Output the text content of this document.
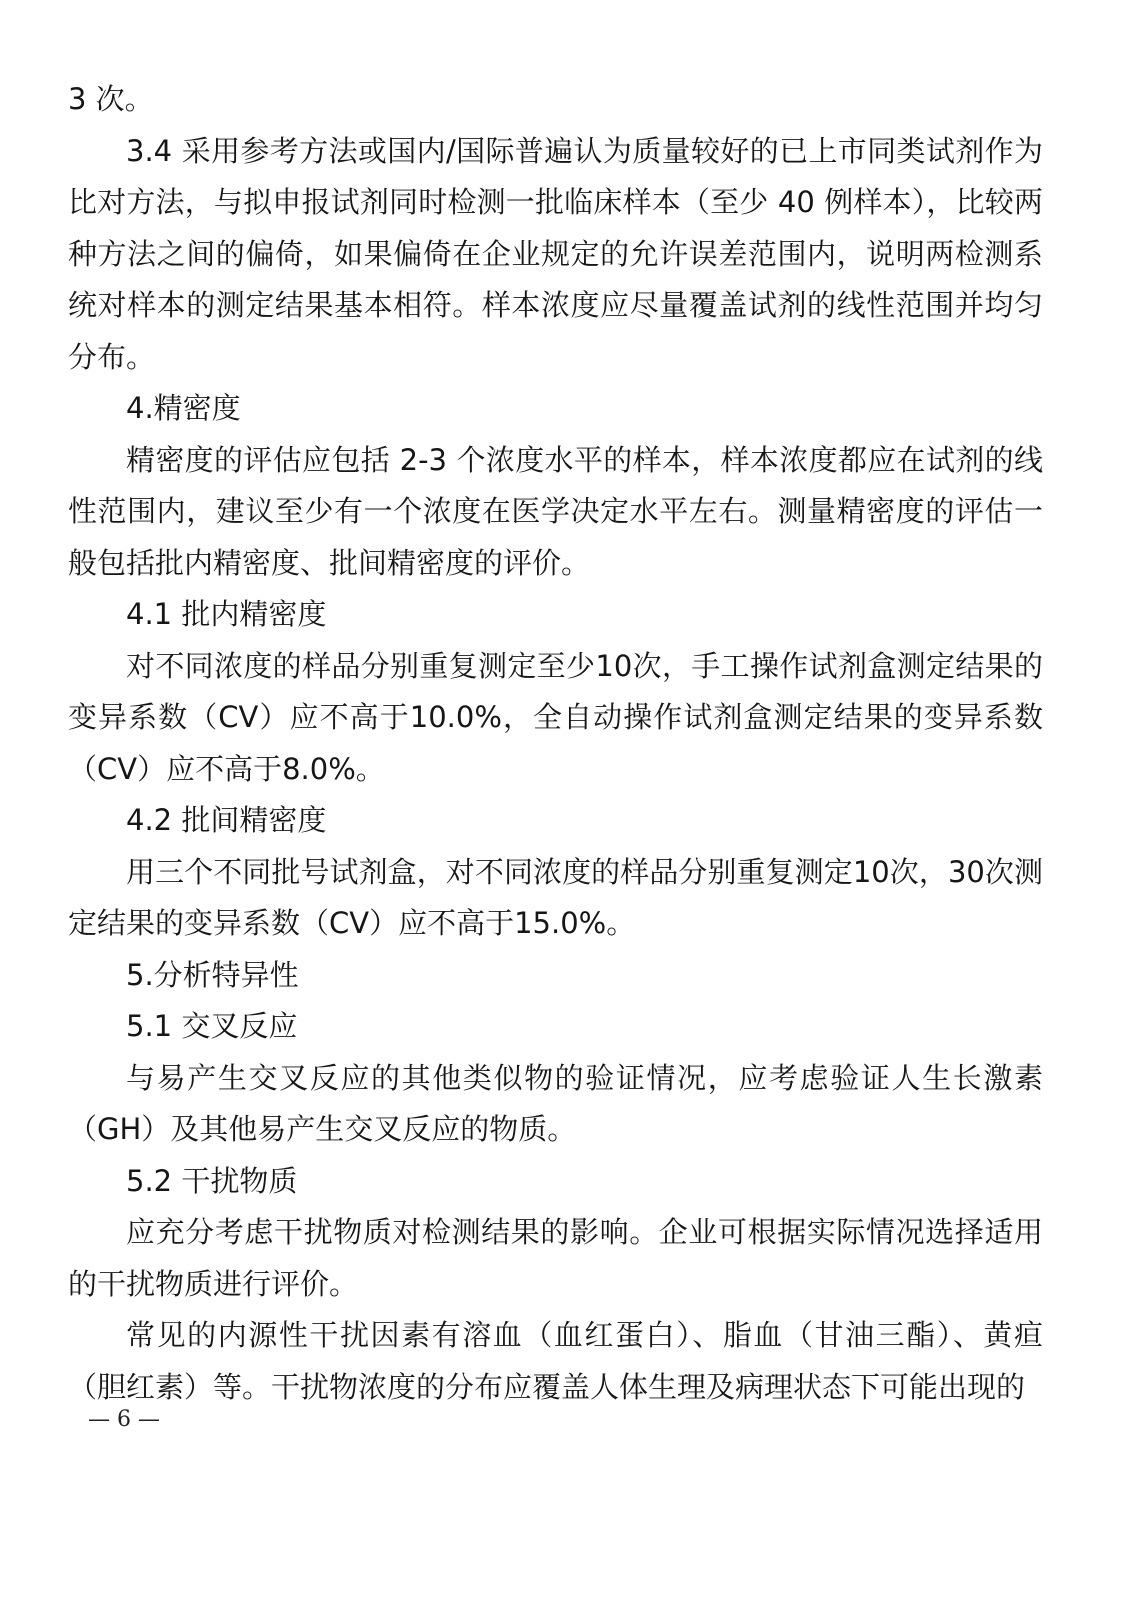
3 次。

3.4 采用参考方法或国内/国际普遍认为质量较好的已上市同类试剂作为比对方法，与拟申报试剂同时检测一批临床样本（至少 40 例样本），比较两种方法之间的偏倚，如果偏倚在企业规定的允许误差范围内，说明两检测系统对样本的测定结果基本相符。样本浓度应尽量覆盖试剂的线性范围并均匀分布。

4.精密度

精密度的评估应包括 2-3 个浓度水平的样本，样本浓度都应在试剂的线性范围内，建议至少有一个浓度在医学决定水平左右。测量精密度的评估一般包括批内精密度、批间精密度的评价。

4.1 批内精密度

对不同浓度的样品分别重复测定至少10次，手工操作试剂盒测定结果的变异系数（CV）应不高于10.0%，全自动操作试剂盒测定结果的变异系数（CV）应不高于8.0%。

4.2 批间精密度

用三个不同批号试剂盒，对不同浓度的样品分别重复测定10次，30次测定结果的变异系数（CV）应不高于15.0%。

5.分析特异性

5.1 交叉反应

与易产生交叉反应的其他类似物的验证情况，应考虑验证人生长激素（GH）及其他易产生交叉反应的物质。

5.2 干扰物质

应充分考虑干扰物质对检测结果的影响。企业可根据实际情况选择适用的干扰物质进行评价。

常见的内源性干扰因素有溶血（血红蛋白）、脂血（甘油三酯）、黄疸（胆红素）等。干扰物浓度的分布应覆盖人体生理及病理状态下可能出现的

— 6 —
